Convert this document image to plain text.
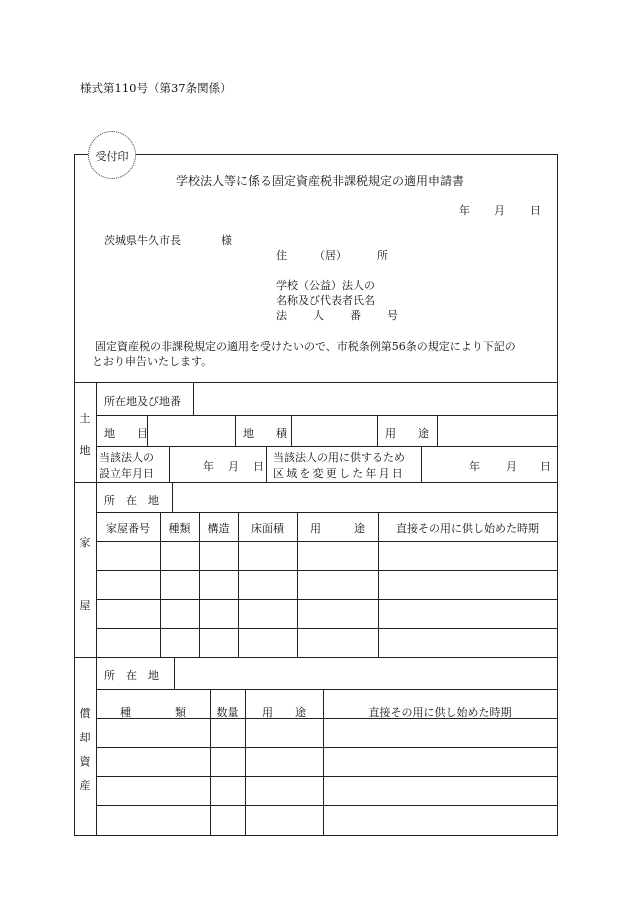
様式第110号（第37条関係）
受付印
学校法人等に係る固定資産税非課税規定の適用申請書
年 月 日
茨城県牛久市長	様
住 （居）	所
学校（公益）法人の
名称及び代表者氏名
法 人 番 号
固定資産税の非課税規定の適用を受けたいので、市税条例第56条の規定により下記の
とおり申告いたします。
土
地
所在地及び地番
地　　目	地　　積	用　　途
当該法人の
設立年月日
年 月 日
当該法人の用に供するため
区域を変更した年月日
年 月 日
家
屋
所　在　地
家屋番号	種類	構造	床面積	用　　　途	直接その用に供し始めた時期
償
却
資
産
所　在　地
種　　　　類	数量	用　　途	直接その用に供し始めた時期
